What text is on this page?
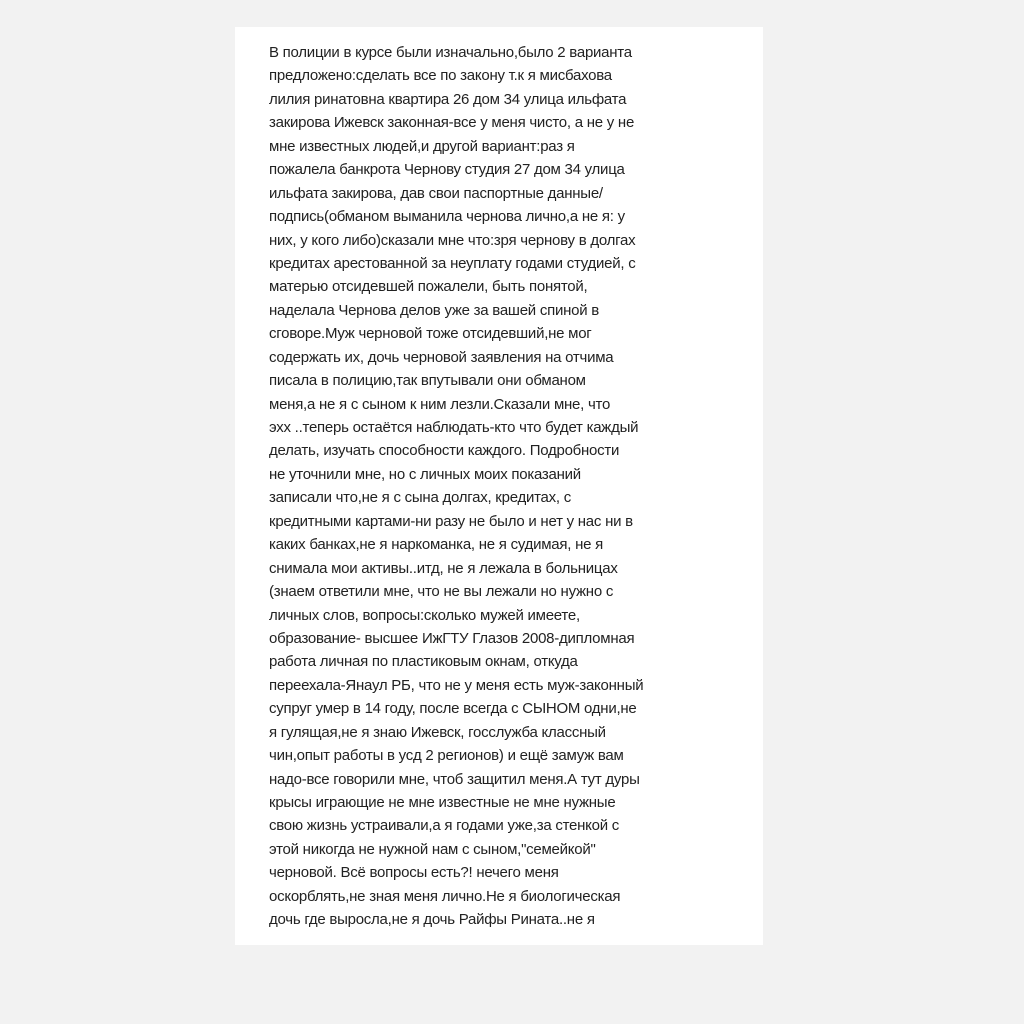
В полиции в курсе были изначально,было 2 варианта
предложено:сделать все по закону т.к я мисбахова
лилия ринатовна квартира 26 дом 34 улица ильфата
закирова Ижевск законная-все у меня чисто, а не у не
мне известных людей,и другой вариант:раз я
пожалела банкрота Чернову студия 27 дом 34 улица
ильфата закирова, дав свои паспортные данные/
подпись(обманом выманила чернова лично,а не я: у
них, у кого либо)сказали мне что:зря чернову в долгах
кредитах арестованной за неуплату годами студией, с
матерью отсидевшей пожалели, быть понятой,
наделала Чернова делов уже за вашей спиной в
сговоре.Муж черновой тоже отсидевший,не мог
содержать их, дочь черновой заявления на отчима
писала в полицию,так впутывали они обманом
меня,а не я с сыном к ним лезли.Сказали мне, что
эхх ..теперь остаётся наблюдать-кто что будет каждый
делать, изучать способности каждого. Подробности
не уточнили мне, но с личных моих показаний
записали что,не я с сына долгах, кредитах, с
кредитными картами-ни разу не было и нет у нас ни в
каких банках,не я наркоманка, не я судимая, не я
снимала мои активы..итд, не я лежала в больницах
(знаем ответили мне, что не вы лежали но нужно с
личных слов, вопросы:сколько мужей имеете,
образование- высшее ИжГТУ Глазов 2008-дипломная
работа личная по пластиковым окнам, откуда
переехала-Янаул РБ, что не у меня есть муж-законный
супруг умер в 14 году, после всегда с СЫНОМ одни,не
я гулящая,не я знаю Ижевск, госслужба классный
чин,опыт работы в усд 2 регионов) и ещё замуж вам
надо-все говорили мне, чтоб защитил меня.А тут дуры
крысы играющие не мне известные не мне нужные
свою жизнь устраивали,а я годами уже,за стенкой с
этой никогда не нужной нам с сыном,"семейкой"
черновой. Всё вопросы есть?! нечего меня
оскорблять,не зная меня лично.Не я биологическая
дочь где выросла,не я дочь Райфы Рината..не я
